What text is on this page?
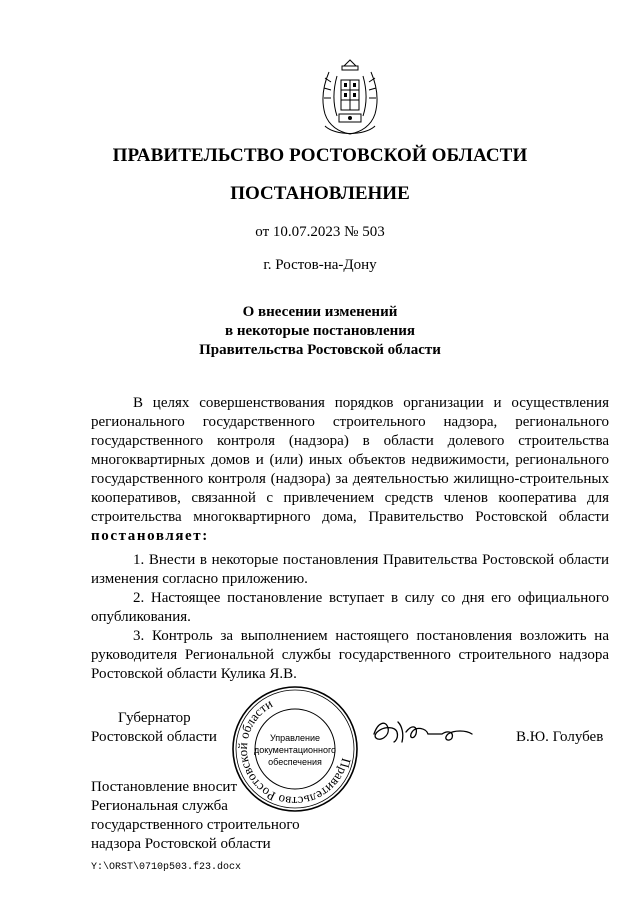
ПРАВИТЕЛЬСТВО РОСТОВСКОЙ ОБЛАСТИ
ПОСТАНОВЛЕНИЕ
от 10.07.2023 № 503
г. Ростов-на-Дону
О внесении изменений
в некоторые постановления
Правительства Ростовской области
В целях совершенствования порядков организации и осуществления регионального государственного строительного надзора, регионального государственного контроля (надзора) в области долевого строительства многоквартирных домов и (или) иных объектов недвижимости, регионального государственного контроля (надзора) за деятельностью жилищно-строительных кооперативов, связанной с привлечением средств членов кооператива для строительства многоквартирного дома, Правительство Ростовской области постановляет:
1. Внести в некоторые постановления Правительства Ростовской области изменения согласно приложению.
2. Настоящее постановление вступает в силу со дня его официального опубликования.
3. Контроль за выполнением настоящего постановления возложить на руководителя Региональной службы государственного строительного надзора Ростовской области Кулика Я.В.
Губернатор
Ростовской области
Правительство Ростовской области
Управление
документационного
обеспечения
В.Ю. Голубев
Постановление вносит
Региональная служба
государственного строительного
надзора Ростовской области
Y:\ORST\0710p503.f23.docx
